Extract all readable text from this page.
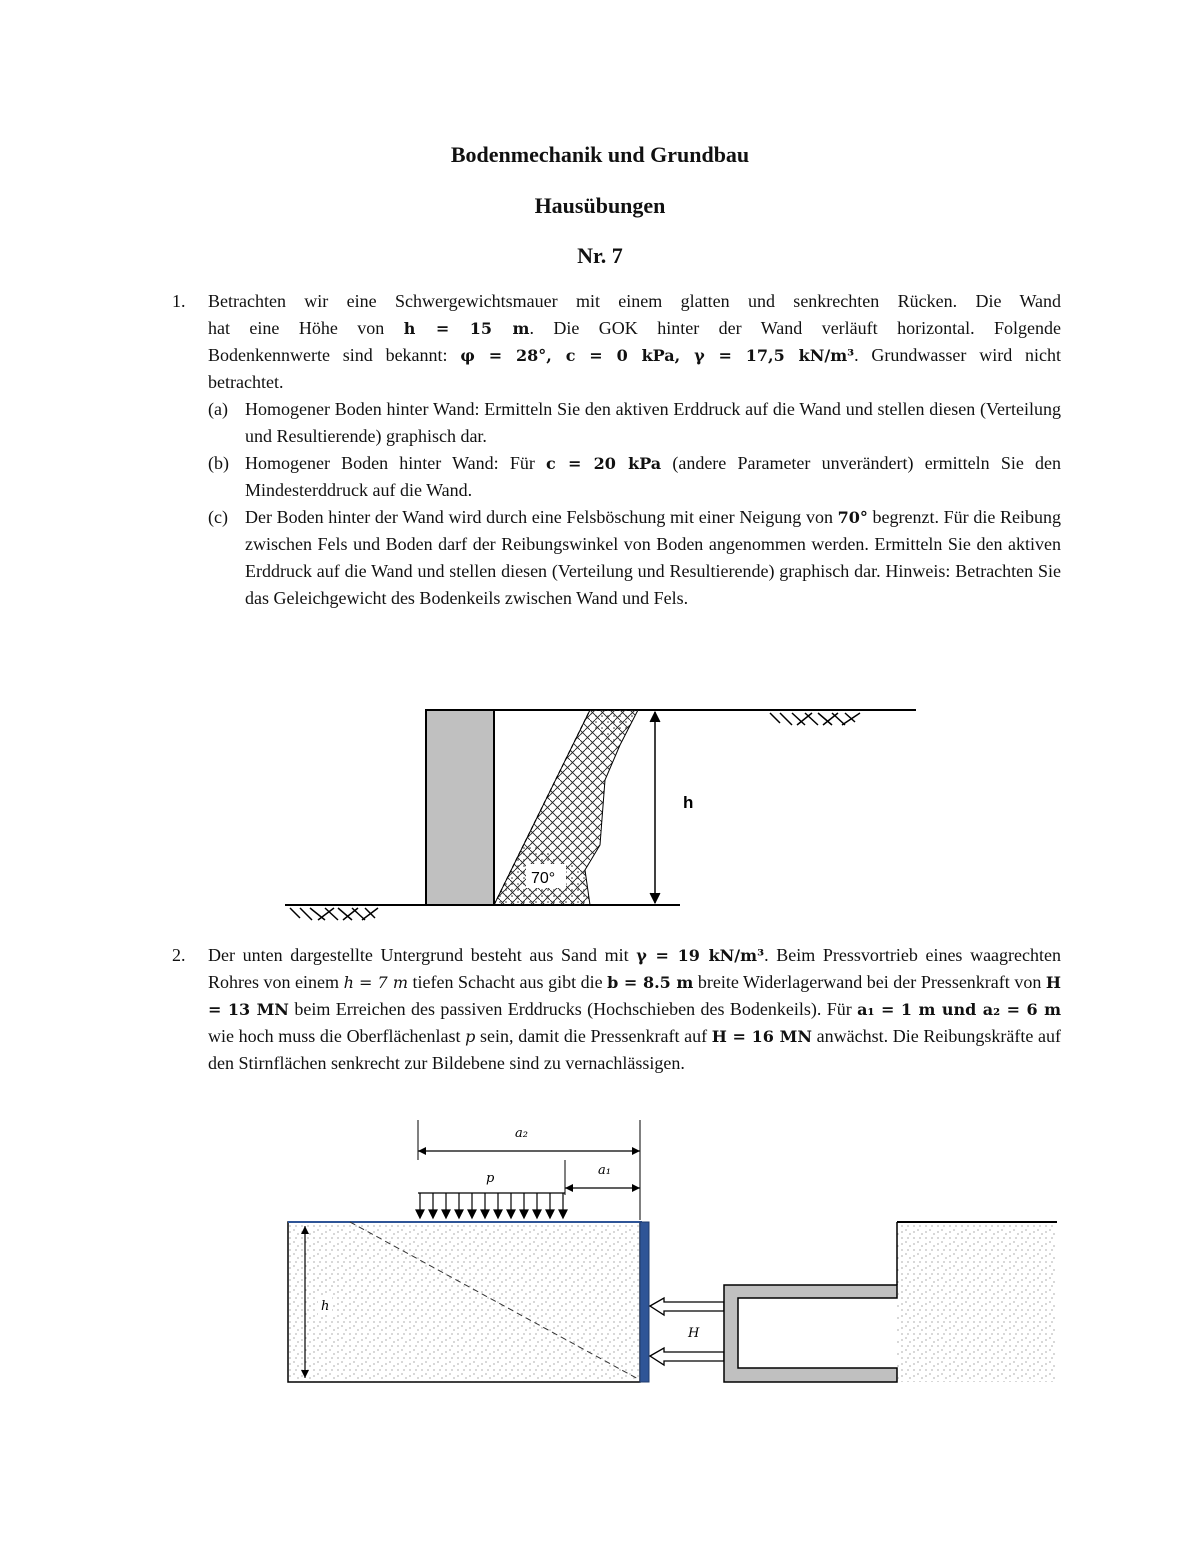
Bodenmechanik und Grundbau
Hausübungen
Nr. 7
1. Betrachten wir eine Schwergewichtsmauer mit einem glatten und senkrechten Rücken. Die Wand
hat eine Höhe von h = 15 m. Die GOK hinter der Wand verläuft horizontal. Folgende
Bodenkennwerte sind bekannt: φ = 28°, c = 0 kPa, γ = 17,5 kN/m³. Grundwasser wird nicht
betrachtet.
(a) Homogener Boden hinter Wand: Ermitteln Sie den aktiven Erddruck auf die Wand und stellen diesen (Verteilung und Resultierende) graphisch dar.
(b) Homogener Boden hinter Wand: Für c = 20 kPa (andere Parameter unverändert) ermitteln Sie den Mindesterddruck auf die Wand.
(c) Der Boden hinter der Wand wird durch eine Felsböschung mit einer Neigung von 70° begrenzt. Für die Reibung zwischen Fels und Boden darf der Reibungswinkel von Boden angenommen werden. Ermitteln Sie den aktiven Erddruck auf die Wand und stellen diesen (Verteilung und Resultierende) graphisch dar. Hinweis: Betrachten Sie das Geleichgewicht des Bodenkeils zwischen Wand und Fels.
h
70°
2. Der unten dargestellte Untergrund besteht aus Sand mit γ = 19 kN/m³. Beim Pressvortrieb eines waagrechten Rohres von einem h = 7 m tiefen Schacht aus gibt die b = 8.5 m breite Widerlagerwand bei der Pressenkraft von H = 13 MN beim Erreichen des passiven Erddrucks (Hochschieben des Bodenkeils). Für a₁ = 1 m und a₂ = 6 m wie hoch muss die Oberflächenlast p sein, damit die Pressenkraft auf H = 16 MN anwächst. Die Reibungskräfte auf den Stirnflächen senkrecht zur Bildebene sind zu vernachlässigen.
a₂
a₁
p
h
H
